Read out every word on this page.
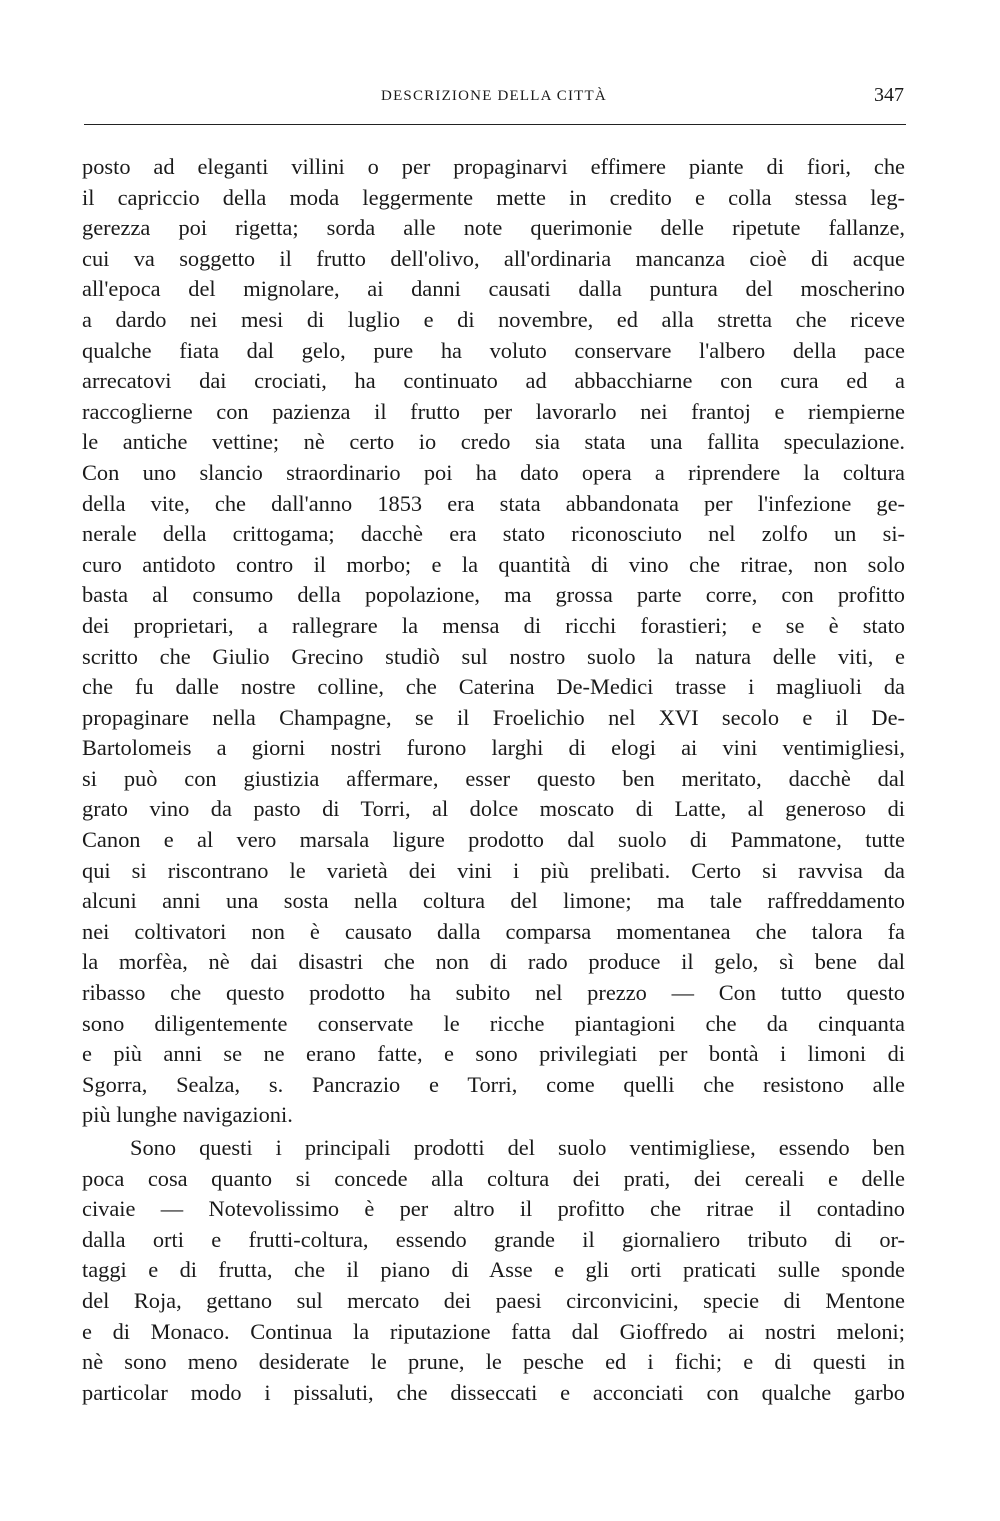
DESCRIZIONE DELLA CITTÀ	347
posto ad eleganti villini o per propaginarvi effimere piante di fiori, che
il capriccio della moda leggermente mette in credito e colla stessa leg-
gerezza poi rigetta; sorda alle note querimonie delle ripetute fallanze,
cui va soggetto il frutto dell'olivo, all'ordinaria mancanza cioè di acque
all'epoca del mignolare, ai danni causati dalla puntura del moscherino
a dardo nei mesi di luglio e di novembre, ed alla stretta che riceve
qualche fiata dal gelo, pure ha voluto conservare l'albero della pace
arrecatovi dai crociati, ha continuato ad abbacchiarne con cura ed a
raccoglierne con pazienza il frutto per lavorarlo nei frantoj e riempierne
le antiche vettine; nè certo io credo sia stata una fallita speculazione.
Con uno slancio straordinario poi ha dato opera a riprendere la coltura
della vite, che dall'anno 1853 era stata abbandonata per l'infezione ge-
nerale della crittogama; dacchè era stato riconosciuto nel zolfo un si-
curo antidoto contro il morbo; e la quantità di vino che ritrae, non solo
basta al consumo della popolazione, ma grossa parte corre, con profitto
dei proprietari, a rallegrare la mensa di ricchi forastieri; e se è stato
scritto che Giulio Grecino studiò sul nostro suolo la natura delle viti, e
che fu dalle nostre colline, che Caterina De-Medici trasse i magliuoli da
propaginare nella Champagne, se il Froelichio nel XVI secolo e il De-
Bartolomeis a giorni nostri furono larghi di elogi ai vini ventimigliesi,
si può con giustizia affermare, esser questo ben meritato, dacchè dal
grato vino da pasto di Torri, al dolce moscato di Latte, al generoso di
Canon e al vero marsala ligure prodotto dal suolo di Pammatone, tutte
qui si riscontrano le varietà dei vini i più prelibati. Certo si ravvisa da
alcuni anni una sosta nella coltura del limone; ma tale raffreddamento
nei coltivatori non è causato dalla comparsa momentanea che talora fa
la morfèa, nè dai disastri che non di rado produce il gelo, sì bene dal
ribasso che questo prodotto ha subito nel prezzo — Con tutto questo
sono diligentemente conservate le ricche piantagioni che da cinquanta
e più anni se ne erano fatte, e sono privilegiati per bontà i limoni di
Sgorra, Sealza, s. Pancrazio e Torri, come quelli che resistono alle
più lunghe navigazioni.
Sono questi i principali prodotti del suolo ventimigliese, essendo ben
poca cosa quanto si concede alla coltura dei prati, dei cereali e delle
civaie — Notevolissimo è per altro il profitto che ritrae il contadino
dalla orti e frutti-coltura, essendo grande il giornaliero tributo di or-
taggi e di frutta, che il piano di Asse e gli orti praticati sulle sponde
del Roja, gettano sul mercato dei paesi circonvicini, specie di Mentone
e di Monaco. Continua la riputazione fatta dal Gioffredo ai nostri meloni;
nè sono meno desiderate le prune, le pesche ed i fichi; e di questi in
particolar modo i pissaluti, che disseccati e acconciati con qualche garbo
